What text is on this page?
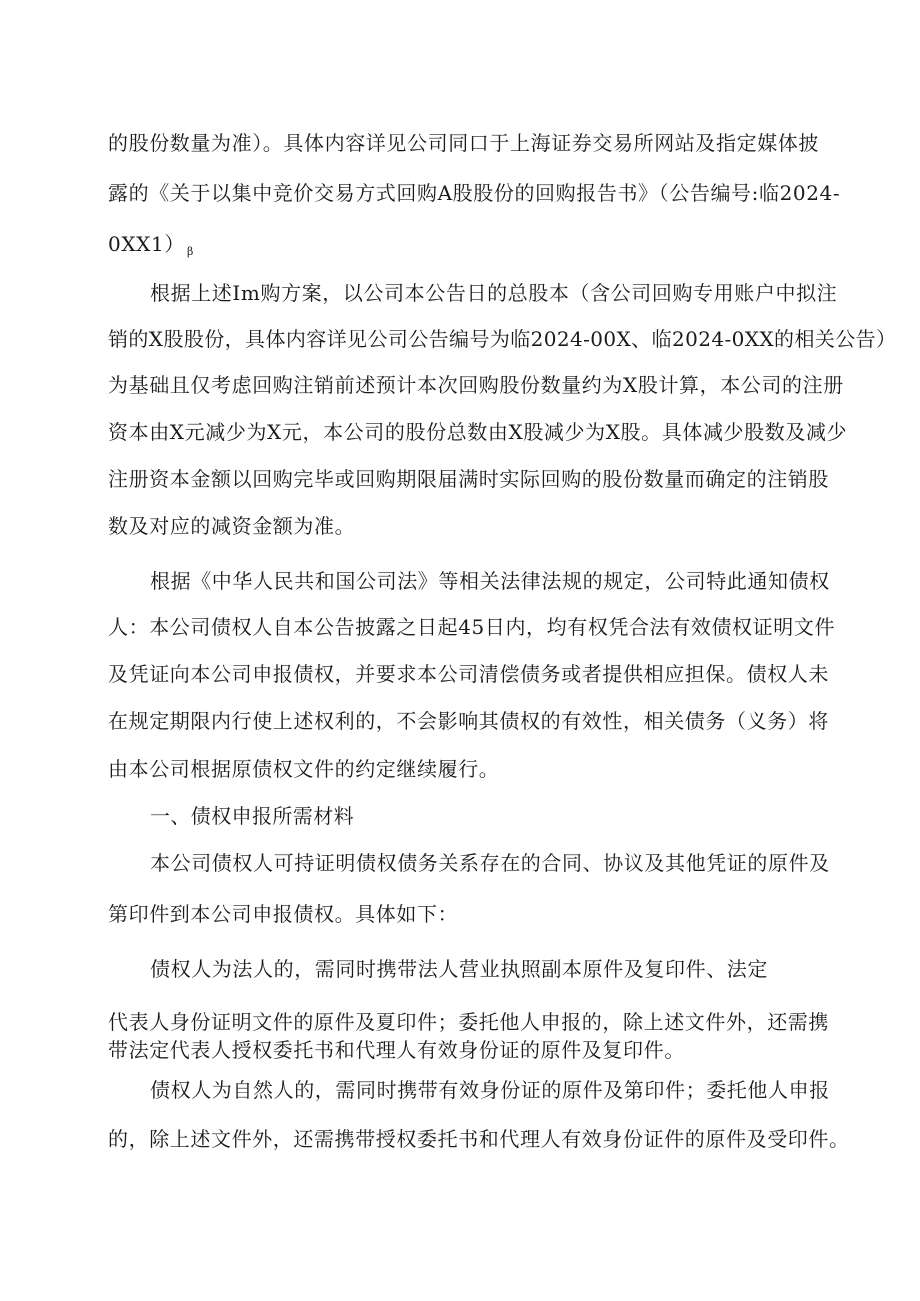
的股份数量为准）。具体内容详见公司同口于上海证券交易所网站及指定媒体披
露的《关于以集中竞价交易方式回购A股股份的回购报告书》（公告编号:临2024-
0XX1） $_\beta$
根据上述Im购方案，以公司本公告日的总股本（含公司回购专用账户中拟注
销的X股股份，具体内容详见公司公告编号为临2024-00X、临2024-0XX的相关公告）
为基础且仅考虑回购注销前述预计本次回购股份数量约为X股计算，本公司的注册
资本由X元减少为X元，本公司的股份总数由X股减少为X股。具体减少股数及减少
注册资本金额以回购完毕或回购期限届满时实际回购的股份数量而确定的注销股
数及对应的减资金额为准。
根据《中华人民共和国公司法》等相关法律法规的规定，公司特此通知债权
人：本公司债权人自本公告披露之日起45日内，均有权凭合法有效债权证明文件
及凭证向本公司申报债权，并要求本公司清偿债务或者提供相应担保。债权人未
在规定期限内行使上述权利的，不会影响其债权的有效性，相关债务（义务）将
由本公司根据原债权文件的约定继续履行。
一、债权申报所需材料
本公司债权人可持证明债权债务关系存在的合同、协议及其他凭证的原件及
第印件到本公司申报债权。具体如下：
债权人为法人的，需同时携带法人营业执照副本原件及复印件、法定
代表人身份证明文件的原件及夏印件；委托他人申报的，除上述文件外，还需携
带法定代表人授权委托书和代理人有效身份证的原件及复印件。
债权人为自然人的，需同时携带有效身份证的原件及第印件；委托他人申报
的，除上述文件外，还需携带授权委托书和代理人有效身份证件的原件及受印件。
